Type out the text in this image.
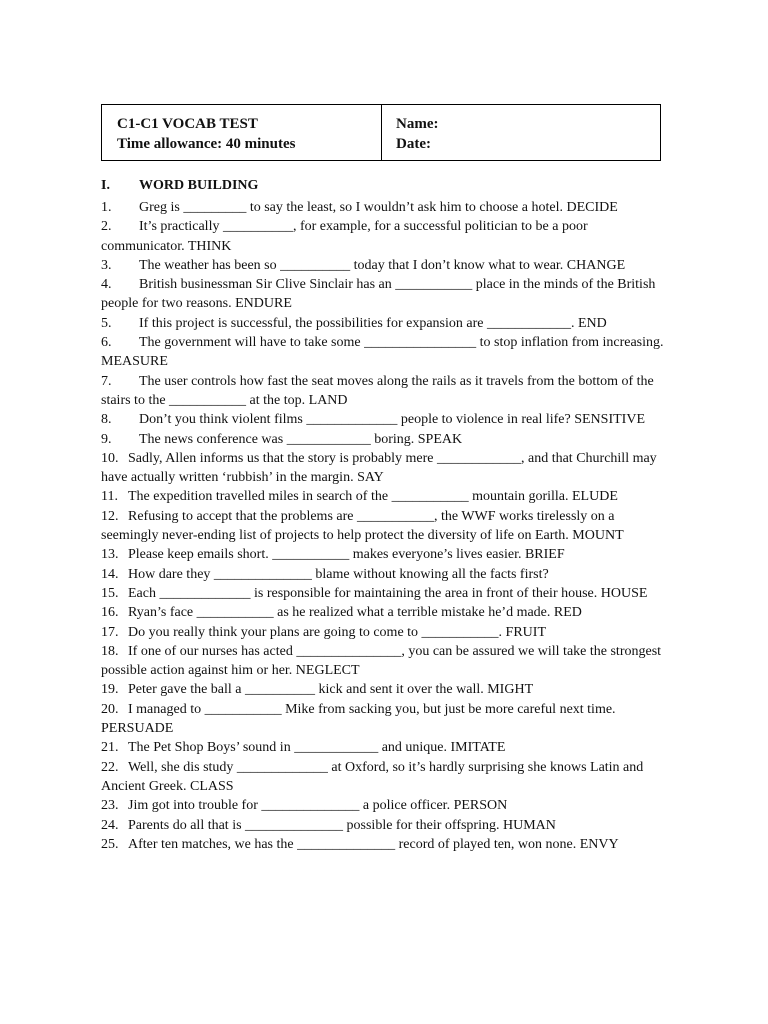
C1-C1 VOCAB TEST
Time allowance: 40 minutes
Name:
Date:
I. WORD BUILDING

1. Greg is _________ to say the least, so I wouldn’t ask him to choose a hotel. DECIDE

2. It’s practically __________, for example, for a successful politician to be a poor communicator. THINK

3. The weather has been so __________ today that I don’t know what to wear. CHANGE

4. British businessman Sir Clive Sinclair has an ___________ place in the minds of the British people for two reasons. ENDURE

5. If this project is successful, the possibilities for expansion are ____________. END

6. The government will have to take some ________________ to stop inflation from increasing. MEASURE

7. The user controls how fast the seat moves along the rails as it travels from the bottom of the stairs to the ___________ at the top. LAND

8. Don’t you think violent films _____________ people to violence in real life? SENSITIVE

9. The news conference was ____________ boring. SPEAK

10. Sadly, Allen informs us that the story is probably mere ____________, and that Churchill may have actually written ‘rubbish’ in the margin. SAY

11. The expedition travelled miles in search of the ___________ mountain gorilla. ELUDE

12. Refusing to accept that the problems are ___________, the WWF works tirelessly on a seemingly never-ending list of projects to help protect the diversity of life on Earth. MOUNT

13. Please keep emails short. ___________ makes everyone’s lives easier. BRIEF

14. How dare they ______________ blame without knowing all the facts first?

15. Each _____________ is responsible for maintaining the area in front of their house. HOUSE

16. Ryan’s face ___________ as he realized what a terrible mistake he’d made. RED

17. Do you really think your plans are going to come to ___________. FRUIT

18. If one of our nurses has acted _______________, you can be assured we will take the strongest possible action against him or her. NEGLECT

19. Peter gave the ball a __________ kick and sent it over the wall. MIGHT

20. I managed to ___________ Mike from sacking you, but just be more careful next time. PERSUADE

21. The Pet Shop Boys’ sound in ____________ and unique. IMITATE

22. Well, she dis study _____________ at Oxford, so it’s hardly surprising she knows Latin and Ancient Greek. CLASS

23. Jim got into trouble for ______________ a police officer. PERSON

24. Parents do all that is ______________ possible for their offspring. HUMAN

25. After ten matches, we has the ______________ record of played ten, won none. ENVY
